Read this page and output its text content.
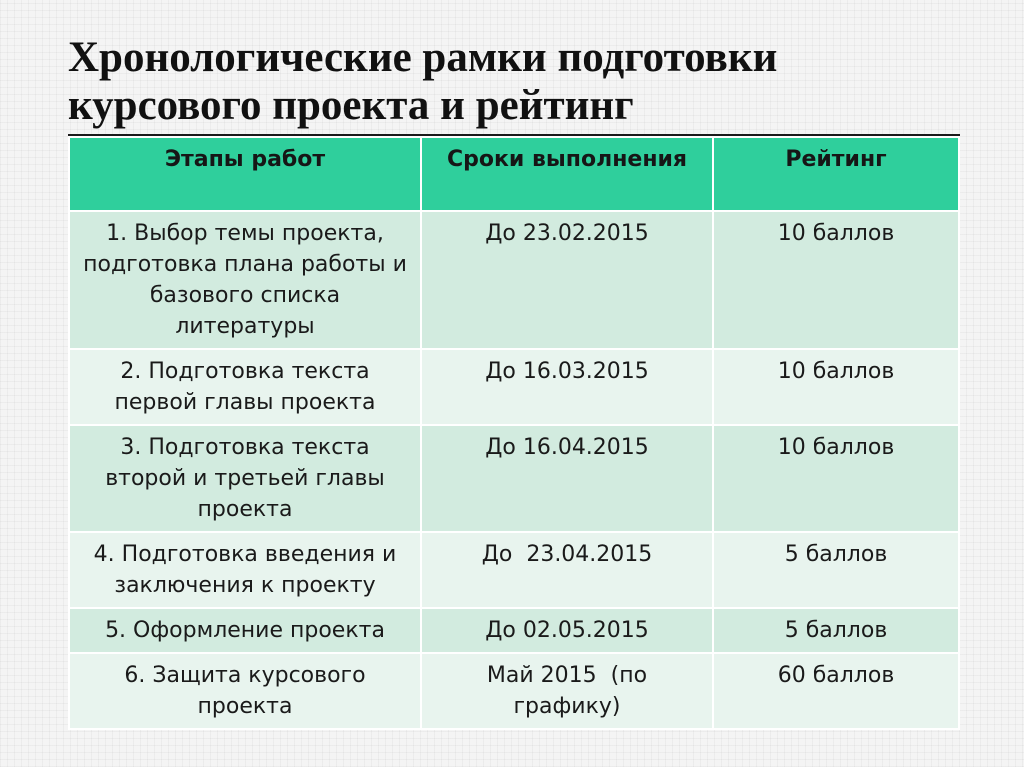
Хронологические рамки подготовки
курсового проекта и рейтинг
Этапы работ	Сроки выполнения	Рейтинг
1. Выбор темы проекта, подготовка плана работы и базового списка литературы	До 23.02.2015	10 баллов
2. Подготовка текста первой главы проекта	До 16.03.2015	10 баллов
3. Подготовка текста второй и третьей главы проекта	До 16.04.2015	10 баллов
4. Подготовка введения и заключения к проекту	До  23.04.2015	5 баллов
5. Оформление проекта	До 02.05.2015	5 баллов
6. Защита курсового проекта	Май 2015  (по графику)	60 баллов
